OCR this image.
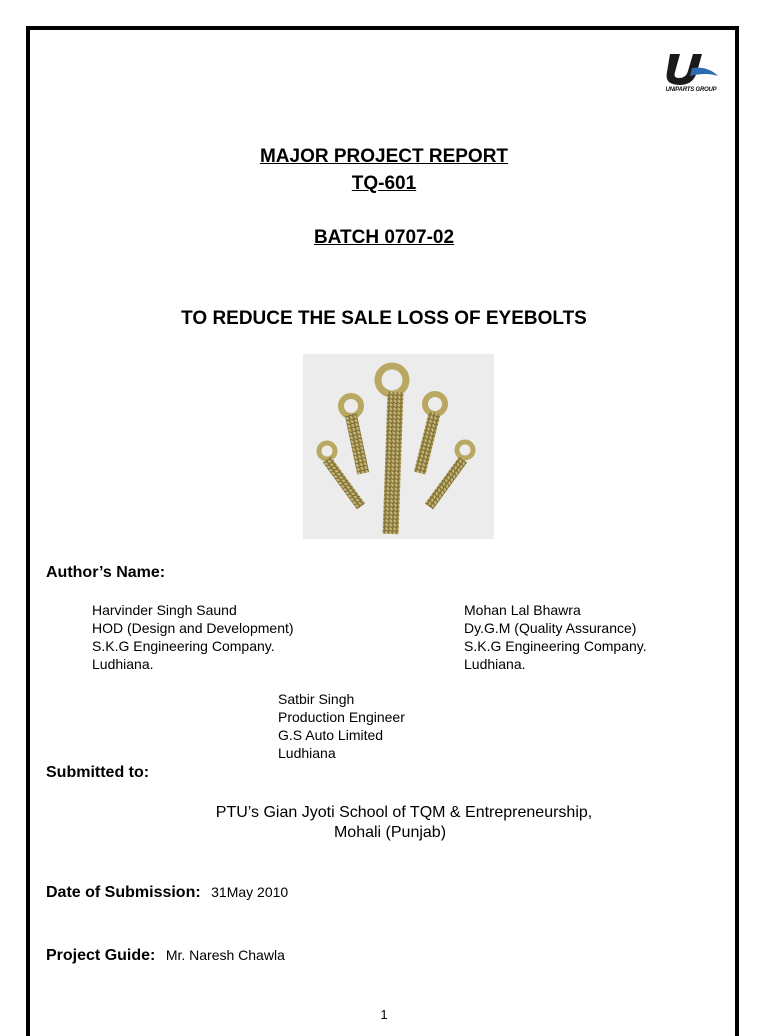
UNIPARTS GROUP
MAJOR PROJECT REPORT
TQ-601
BATCH 0707-02
TO REDUCE THE SALE LOSS OF EYEBOLTS
Author’s Name:
Harvinder Singh Saund
HOD (Design and Development)
S.K.G Engineering Company.
Ludhiana.
Mohan Lal Bhawra
Dy.G.M (Quality Assurance)
S.K.G Engineering Company.
Ludhiana.
Satbir Singh
Production Engineer
G.S Auto Limited
Ludhiana
Submitted to:
PTU’s Gian Jyoti School of TQM & Entrepreneurship,
Mohali (Punjab)
Date of Submission: 31May 2010
Project Guide: Mr. Naresh Chawla
1
